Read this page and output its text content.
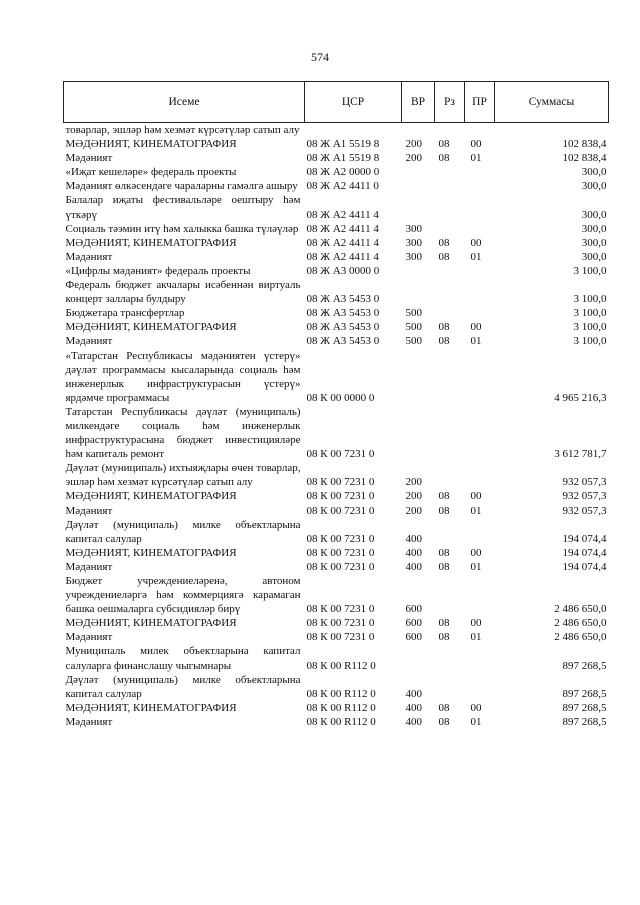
574
Исеме	ЦСР	ВР	Рз	ПР	Суммасы
товарлар, эшләр һәм хезмәт күрсәтүләр сатып алу					
МӘДӘНИЯТ, КИНЕМАТОГРАФИЯ	08 Ж А1 5519 8	200	08	00	102 838,4
Мәдәният	08 Ж А1 5519 8	200	08	01	102 838,4
«Иҗат кешеләре» федераль проекты	08 Ж А2 0000 0				300,0
Мәдәният өлкәсендәге чараларны гамәлгә ашыру	08 Ж А2 4411 0				300,0
Балалар иҗаты фестивальләре оештыру һәм үткәрү	08 Ж А2 4411 4				300,0
Социаль тәэмин итү һәм халыкка башка түләүләр	08 Ж А2 4411 4	300			300,0
МӘДӘНИЯТ, КИНЕМАТОГРАФИЯ	08 Ж А2 4411 4	300	08	00	300,0
Мәдәният	08 Ж А2 4411 4	300	08	01	300,0
«Цифрлы мәдәният» федераль проекты	08 Ж А3 0000 0				3 100,0
Федераль бюджет акчалары исәбеннән виртуаль концерт заллары булдыру	08 Ж А3 5453 0				3 100,0
Бюджетара трансфертлар	08 Ж А3 5453 0	500			3 100,0
МӘДӘНИЯТ, КИНЕМАТОГРАФИЯ	08 Ж А3 5453 0	500	08	00	3 100,0
Мәдәният	08 Ж А3 5453 0	500	08	01	3 100,0
«Татарстан Республикасы мәдәниятен үстерү» дәүләт программасы кысаларында социаль һәм инженерлык инфраструктурасын үстерү» ярдәмче программасы	08 К 00 0000 0				4 965 216,3
Татарстан Республикасы дәүләт (муниципаль) милкендәге социаль һәм инженерлык инфраструктурасына бюджет инвестицияләре һәм капиталь ремонт	08 К 00 7231 0				3 612 781,7
Дәүләт (муниципаль) ихтыяҗлары өчен товарлар, эшләр һәм хезмәт күрсәтүләр сатып алу	08 К 00 7231 0	200			932 057,3
МӘДӘНИЯТ, КИНЕМАТОГРАФИЯ	08 К 00 7231 0	200	08	00	932 057,3
Мәдәният	08 К 00 7231 0	200	08	01	932 057,3
Дәүләт (муниципаль) милке объектларына капитал салулар	08 К 00 7231 0	400			194 074,4
МӘДӘНИЯТ, КИНЕМАТОГРАФИЯ	08 К 00 7231 0	400	08	00	194 074,4
Мәдәният	08 К 00 7231 0	400	08	01	194 074,4
Бюджет учреждениеләренә, автоном учреждениеләргә һәм коммерциягә карамаган башка оешмаларга субсидияләр бирү	08 К 00 7231 0	600			2 486 650,0
МӘДӘНИЯТ, КИНЕМАТОГРАФИЯ	08 К 00 7231 0	600	08	00	2 486 650,0
Мәдәният	08 К 00 7231 0	600	08	01	2 486 650,0
Муниципаль милек объектларына капитал салуларга финанслашу чыгымнары	08 К 00 R112 0				897 268,5
Дәүләт (муниципаль) милке объектларына капитал салулар	08 К 00 R112 0	400			897 268,5
МӘДӘНИЯТ, КИНЕМАТОГРАФИЯ	08 К 00 R112 0	400	08	00	897 268,5
Мәдәният	08 К 00 R112 0	400	08	01	897 268,5
